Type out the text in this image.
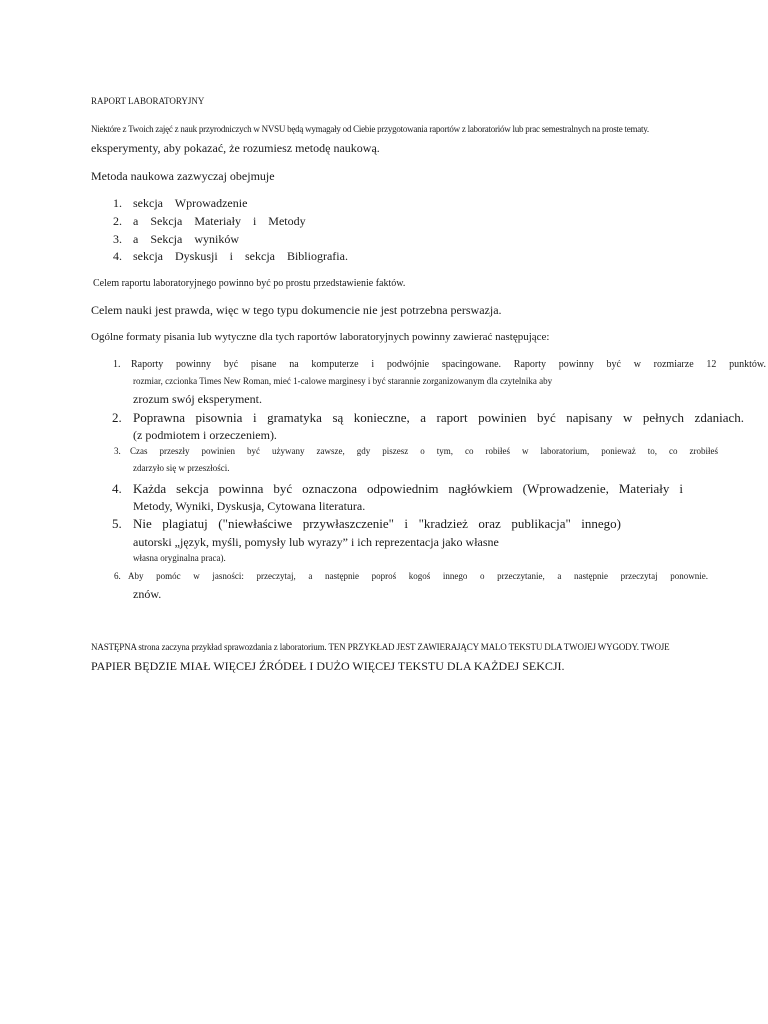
RAPORT LABORATORYJNY
Niektóre z Twoich zajęć z nauk przyrodniczych w NVSU będą wymagały od Ciebie przygotowania raportów z laboratoriów lub prac semestralnych na proste tematy.
eksperymenty, aby pokazać, że rozumiesz metodę naukową.
Metoda naukowa zazwyczaj obejmuje
1. sekcja Wprowadzenie
2. a Sekcja Materiały i Metody
3. a Sekcja wyników
4. sekcja Dyskusji i sekcja Bibliografia.
Celem raportu laboratoryjnego powinno być po prostu przedstawienie faktów.
Celem nauki jest prawda, więc w tego typu dokumencie nie jest potrzebna perswazja.
Ogólne formaty pisania lub wytyczne dla tych raportów laboratoryjnych powinny zawierać następujące:
1. Raporty powinny być pisane na komputerze i podwójnie spacingowane. Raporty powinny być w rozmiarze 12 punktów.
rozmiar, czcionka Times New Roman, mieć 1-calowe marginesy i być starannie zorganizowanym dla czytelnika aby
zrozum swój eksperyment.
2. Poprawna pisownia i gramatyka są konieczne, a raport powinien być napisany w pełnych zdaniach.
(z podmiotem i orzeczeniem).
3. Czas przeszły powinien być używany zawsze, gdy piszesz o tym, co robiłeś w laboratorium, ponieważ to, co zrobiłeś
zdarzyło się w przeszłości.
4. Każda sekcja powinna być oznaczona odpowiednim nagłówkiem (Wprowadzenie, Materiały i
Metody, Wyniki, Dyskusja, Cytowana literatura.
5. Nie plagiatuj ("niewłaściwe przywłaszczenie" i "kradzież oraz publikacja" innego)
autorski „język, myśli, pomysły lub wyrazy” i ich reprezentacja jako własne
własna oryginalna praca).
6. Aby pomóc w jasności: przeczytaj, a następnie poproś kogoś innego o przeczytanie, a następnie przeczytaj ponownie.
znów.
NASTĘPNA strona zaczyna przykład sprawozdania z laboratorium. TEN PRZYKŁAD JEST ZAWIERAJĄCY MALO TEKSTU DLA TWOJEJ WYGODY. TWOJE
PAPIER BĘDZIE MIAŁ WIĘCEJ ŹRÓDEŁ I DUŻO WIĘCEJ TEKSTU DLA KAŻDEJ SEKCJI.
